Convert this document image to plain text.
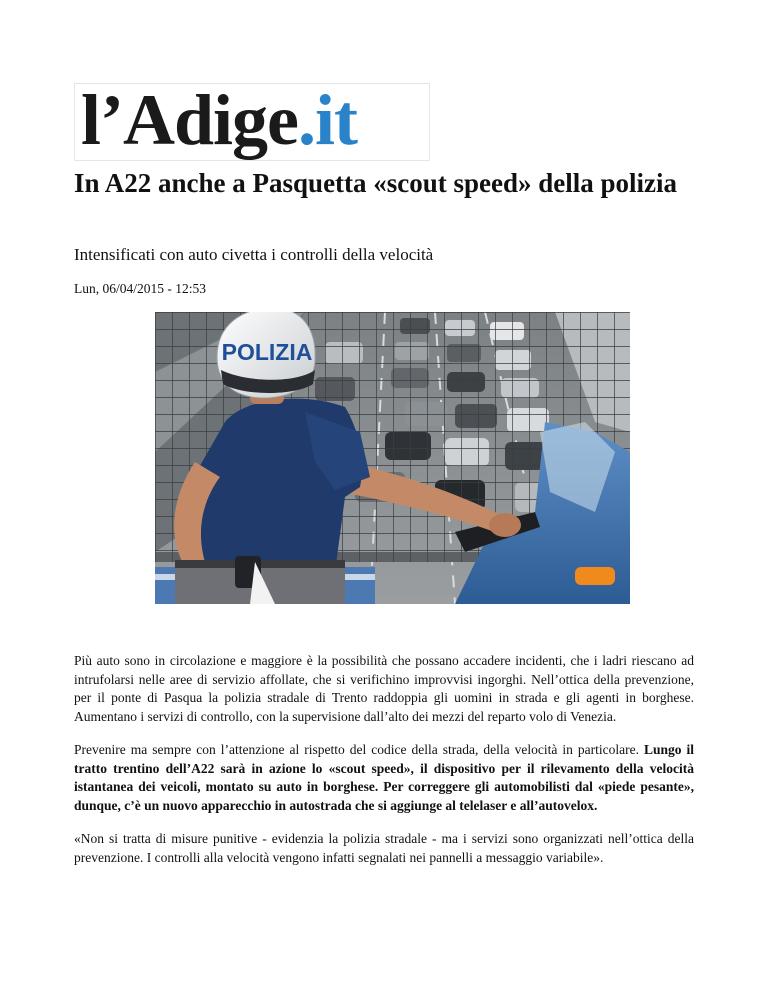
l’Adige.it
In A22 anche a Pasquetta «scout speed» della polizia
Intensificati con auto civetta i controlli della velocità
Lun, 06/04/2015 - 12:53
POLIZIA

Più auto sono in circolazione e maggiore è la possibilità che possano accadere incidenti, che i ladri riescano ad intrufolarsi nelle aree di servizio affollate, che si verifichino improvvisi ingorghi. Nell’ottica della prevenzione, per il ponte di Pasqua la polizia stradale di Trento raddoppia gli uomini in strada e gli agenti in borghese. Aumentano i servizi di controllo, con la supervisione dall’alto dei mezzi del reparto volo di Venezia.

Prevenire ma sempre con l’attenzione al rispetto del codice della strada, della velocità in particolare. Lungo il tratto trentino dell’A22 sarà in azione lo «scout speed», il dispositivo per il rilevamento della velocità istantanea dei veicoli, montato su auto in borghese. Per correggere gli automobilisti dal «piede pesante», dunque, c’è un nuovo apparecchio in autostrada che si aggiunge al telelaser e all’autovelox.

«Non si tratta di misure punitive - evidenzia la polizia stradale - ma i servizi sono organizzati nell’ottica della prevenzione. I controlli alla velocità vengono infatti segnalati nei pannelli a messaggio variabile».
